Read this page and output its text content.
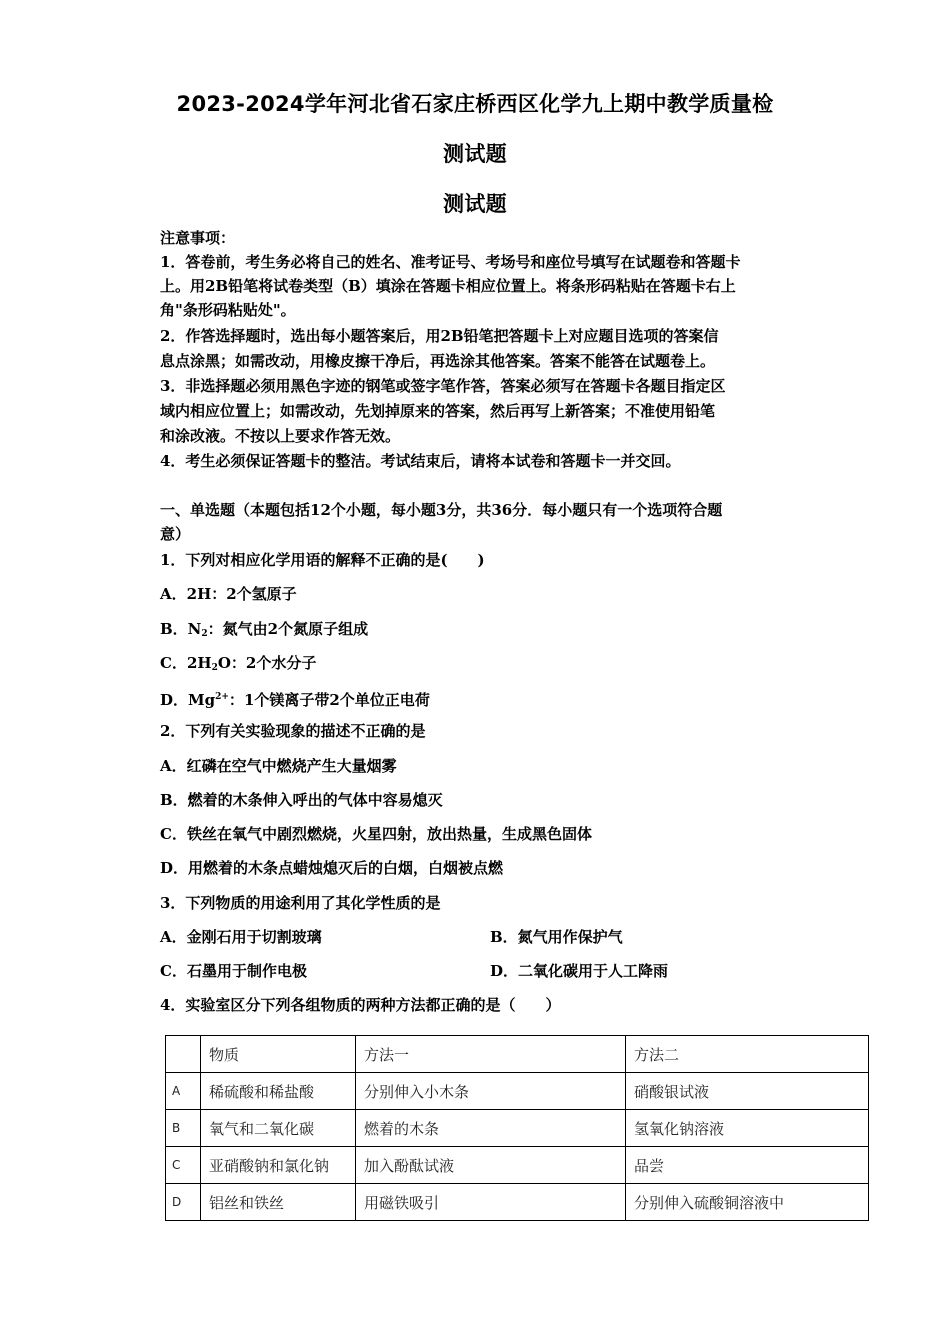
2023-2024学年河北省石家庄桥西区化学九上期中教学质量检
测试题
测试题
注意事项：
1．答卷前，考生务必将自己的姓名、准考证号、考场号和座位号填写在试题卷和答题卡
上。用2B铅笔将试卷类型（B）填涂在答题卡相应位置上。将条形码粘贴在答题卡右上
角"条形码粘贴处"。
2．作答选择题时，选出每小题答案后，用2B铅笔把答题卡上对应题目选项的答案信
息点涂黑；如需改动，用橡皮擦干净后，再选涂其他答案。答案不能答在试题卷上。
3．非选择题必须用黑色字迹的钢笔或签字笔作答，答案必须写在答题卡各题目指定区
域内相应位置上；如需改动，先划掉原来的答案，然后再写上新答案；不准使用铅笔
和涂改液。不按以上要求作答无效。
4．考生必须保证答题卡的整洁。考试结束后，请将本试卷和答题卡一并交回。
一、单选题（本题包括12个小题，每小题3分，共36分．每小题只有一个选项符合题
意）
1．下列对相应化学用语的解释不正确的是(　　)
A．2H：2个氢原子
B．$N_2$：氮气由2个氮原子组成
C．$2H_2O$：2个水分子
D．$Mg^{2+}$：1个镁离子带2个单位正电荷
2．下列有关实验现象的描述不正确的是
A．红磷在空气中燃烧产生大量烟雾
B．燃着的木条伸入呼出的气体中容易熄灭
C．铁丝在氧气中剧烈燃烧，火星四射，放出热量，生成黑色固体
D．用燃着的木条点蜡烛熄灭后的白烟，白烟被点燃
3．下列物质的用途利用了其化学性质的是
A．金刚石用于切割玻璃	B．氮气用作保护气
C．石墨用于制作电极	D．二氧化碳用于人工降雨
4．实验室区分下列各组物质的两种方法都正确的是（　　）
	物质	方法一	方法二
A	稀硫酸和稀盐酸	分别伸入小木条	硝酸银试液
B	氧气和二氧化碳	燃着的木条	氢氧化钠溶液
C	亚硝酸钠和氯化钠	加入酚酞试液	品尝
D	铝丝和铁丝	用磁铁吸引	分别伸入硫酸铜溶液中
